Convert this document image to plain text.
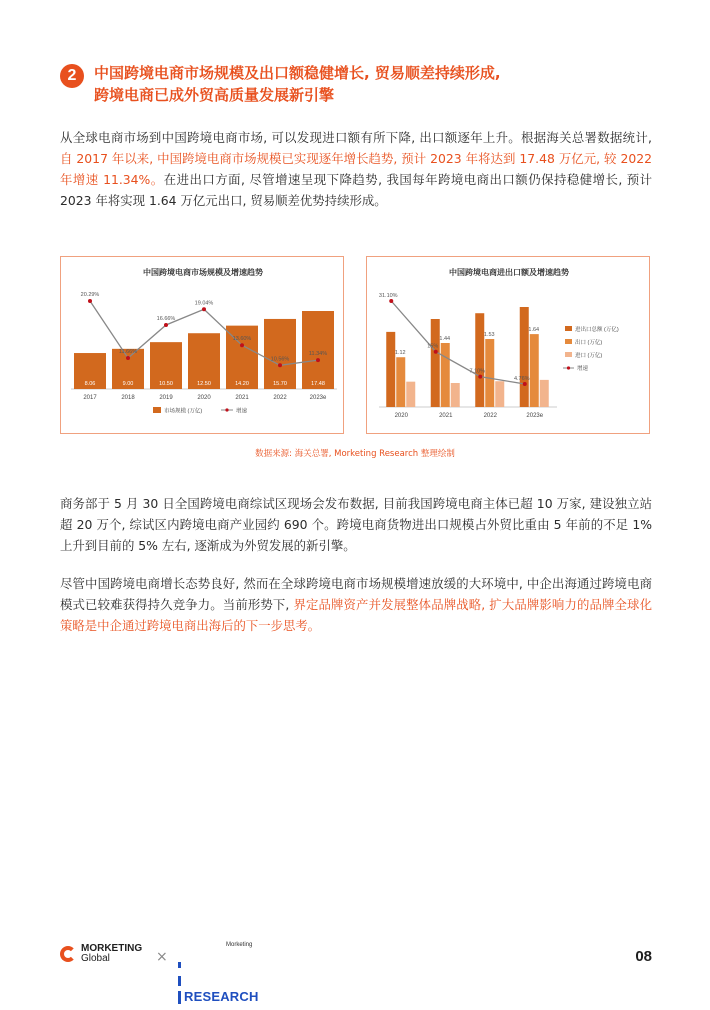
2	中国跨境电商市场规模及出口额稳健增长, 贸易顺差持续形成,
跨境电商已成外贸高质量发展新引擎

从全球电商市场到中国跨境电商市场, 可以发现进口额有所下降, 出口额逐年上升。根据海关总署数据统计, 自 2017 年以来, 中国跨境电商市场规模已实现逐年增长趋势, 预计 2023 年将达到 17.48 万亿元, 较 2022 年增速 11.34%。在进出口方面, 尽管增速呈现下降趋势, 我国每年跨境电商出口额仍保持稳健增长, 预计 2023 年将实现 1.64 万亿元出口, 贸易顺差优势持续形成。

中国跨境电商市场规模及增速趋势
8.06
2017
9.00
2018
10.50
2019
12.50
2020
14.20
2021
15.70
2022
17.48
2023e
20.29%
11.66%
16.66%
19.04%
13.60%
10.56%
11.34%
市场规模 (万亿)	增速
中国跨境电商进出口额及增速趋势
1.12
2020
1.44
2021
1.53
2022
1.64
2023e
31.10%
15%
7.10%
4.76%
进出口总额 (万亿)
出口 (万亿)
进口 (万亿)
增速
数据来源: 海关总署, Morketing Research 整理绘制

商务部于 5 月 30 日全国跨境电商综试区现场会发布数据, 目前我国跨境电商主体已超 10 万家, 建设独立站超 20 万个, 综试区内跨境电商产业园约 690 个。跨境电商货物进出口规模占外贸比重由 5 年前的不足 1% 上升到目前的 5% 左右, 逐渐成为外贸发展的新引擎。

尽管中国跨境电商增长态势良好, 然而在全球跨境电商市场规模增速放缓的大环境中, 中企出海通过跨境电商模式已较难获得持久竞争力。当前形势下, 界定品牌资产并发展整体品牌战略, 扩大品牌影响力的品牌全球化策略是中企通过跨境电商出海后的下一步思考。

MORKETING
Global	×
Morketing
RESEARCH
08
